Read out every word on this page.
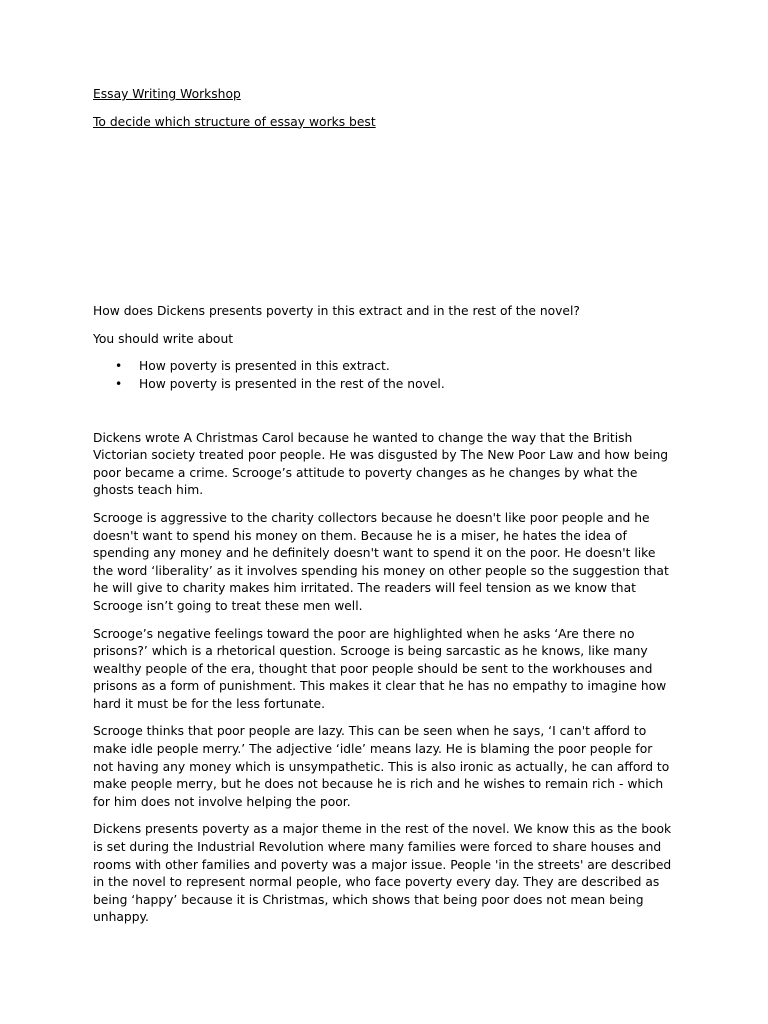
Essay Writing Workshop
To decide which structure of essay works best

How does Dickens presents poverty in this extract and in the rest of the novel?

You should write about

• How poverty is presented in this extract.
• How poverty is presented in the rest of the novel.

Dickens wrote A Christmas Carol because he wanted to change the way that the British Victorian society treated poor people. He was disgusted by The New Poor Law and how being poor became a crime. Scrooge’s attitude to poverty changes as he changes by what the ghosts teach him.

Scrooge is aggressive to the charity collectors because he doesn't like poor people and he doesn't want to spend his money on them. Because he is a miser, he hates the idea of spending any money and he definitely doesn't want to spend it on the poor. He doesn't like the word ‘liberality’ as it involves spending his money on other people so the suggestion that he will give to charity makes him irritated. The readers will feel tension as we know that Scrooge isn’t going to treat these men well.

Scrooge’s negative feelings toward the poor are highlighted when he asks ‘Are there no prisons?’ which is a rhetorical question. Scrooge is being sarcastic as he knows, like many wealthy people of the era, thought that poor people should be sent to the workhouses and prisons as a form of punishment. This makes it clear that he has no empathy to imagine how hard it must be for the less fortunate.

Scrooge thinks that poor people are lazy. This can be seen when he says, ‘I can't afford to make idle people merry.’ The adjective ‘idle’ means lazy. He is blaming the poor people for not having any money which is unsympathetic. This is also ironic as actually, he can afford to make people merry, but he does not because he is rich and he wishes to remain rich - which for him does not involve helping the poor.

Dickens presents poverty as a major theme in the rest of the novel. We know this as the book is set during the Industrial Revolution where many families were forced to share houses and rooms with other families and poverty was a major issue. People 'in the streets' are described in the novel to represent normal people, who face poverty every day. They are described as being ‘happy’ because it is Christmas, which shows that being poor does not mean being unhappy.
